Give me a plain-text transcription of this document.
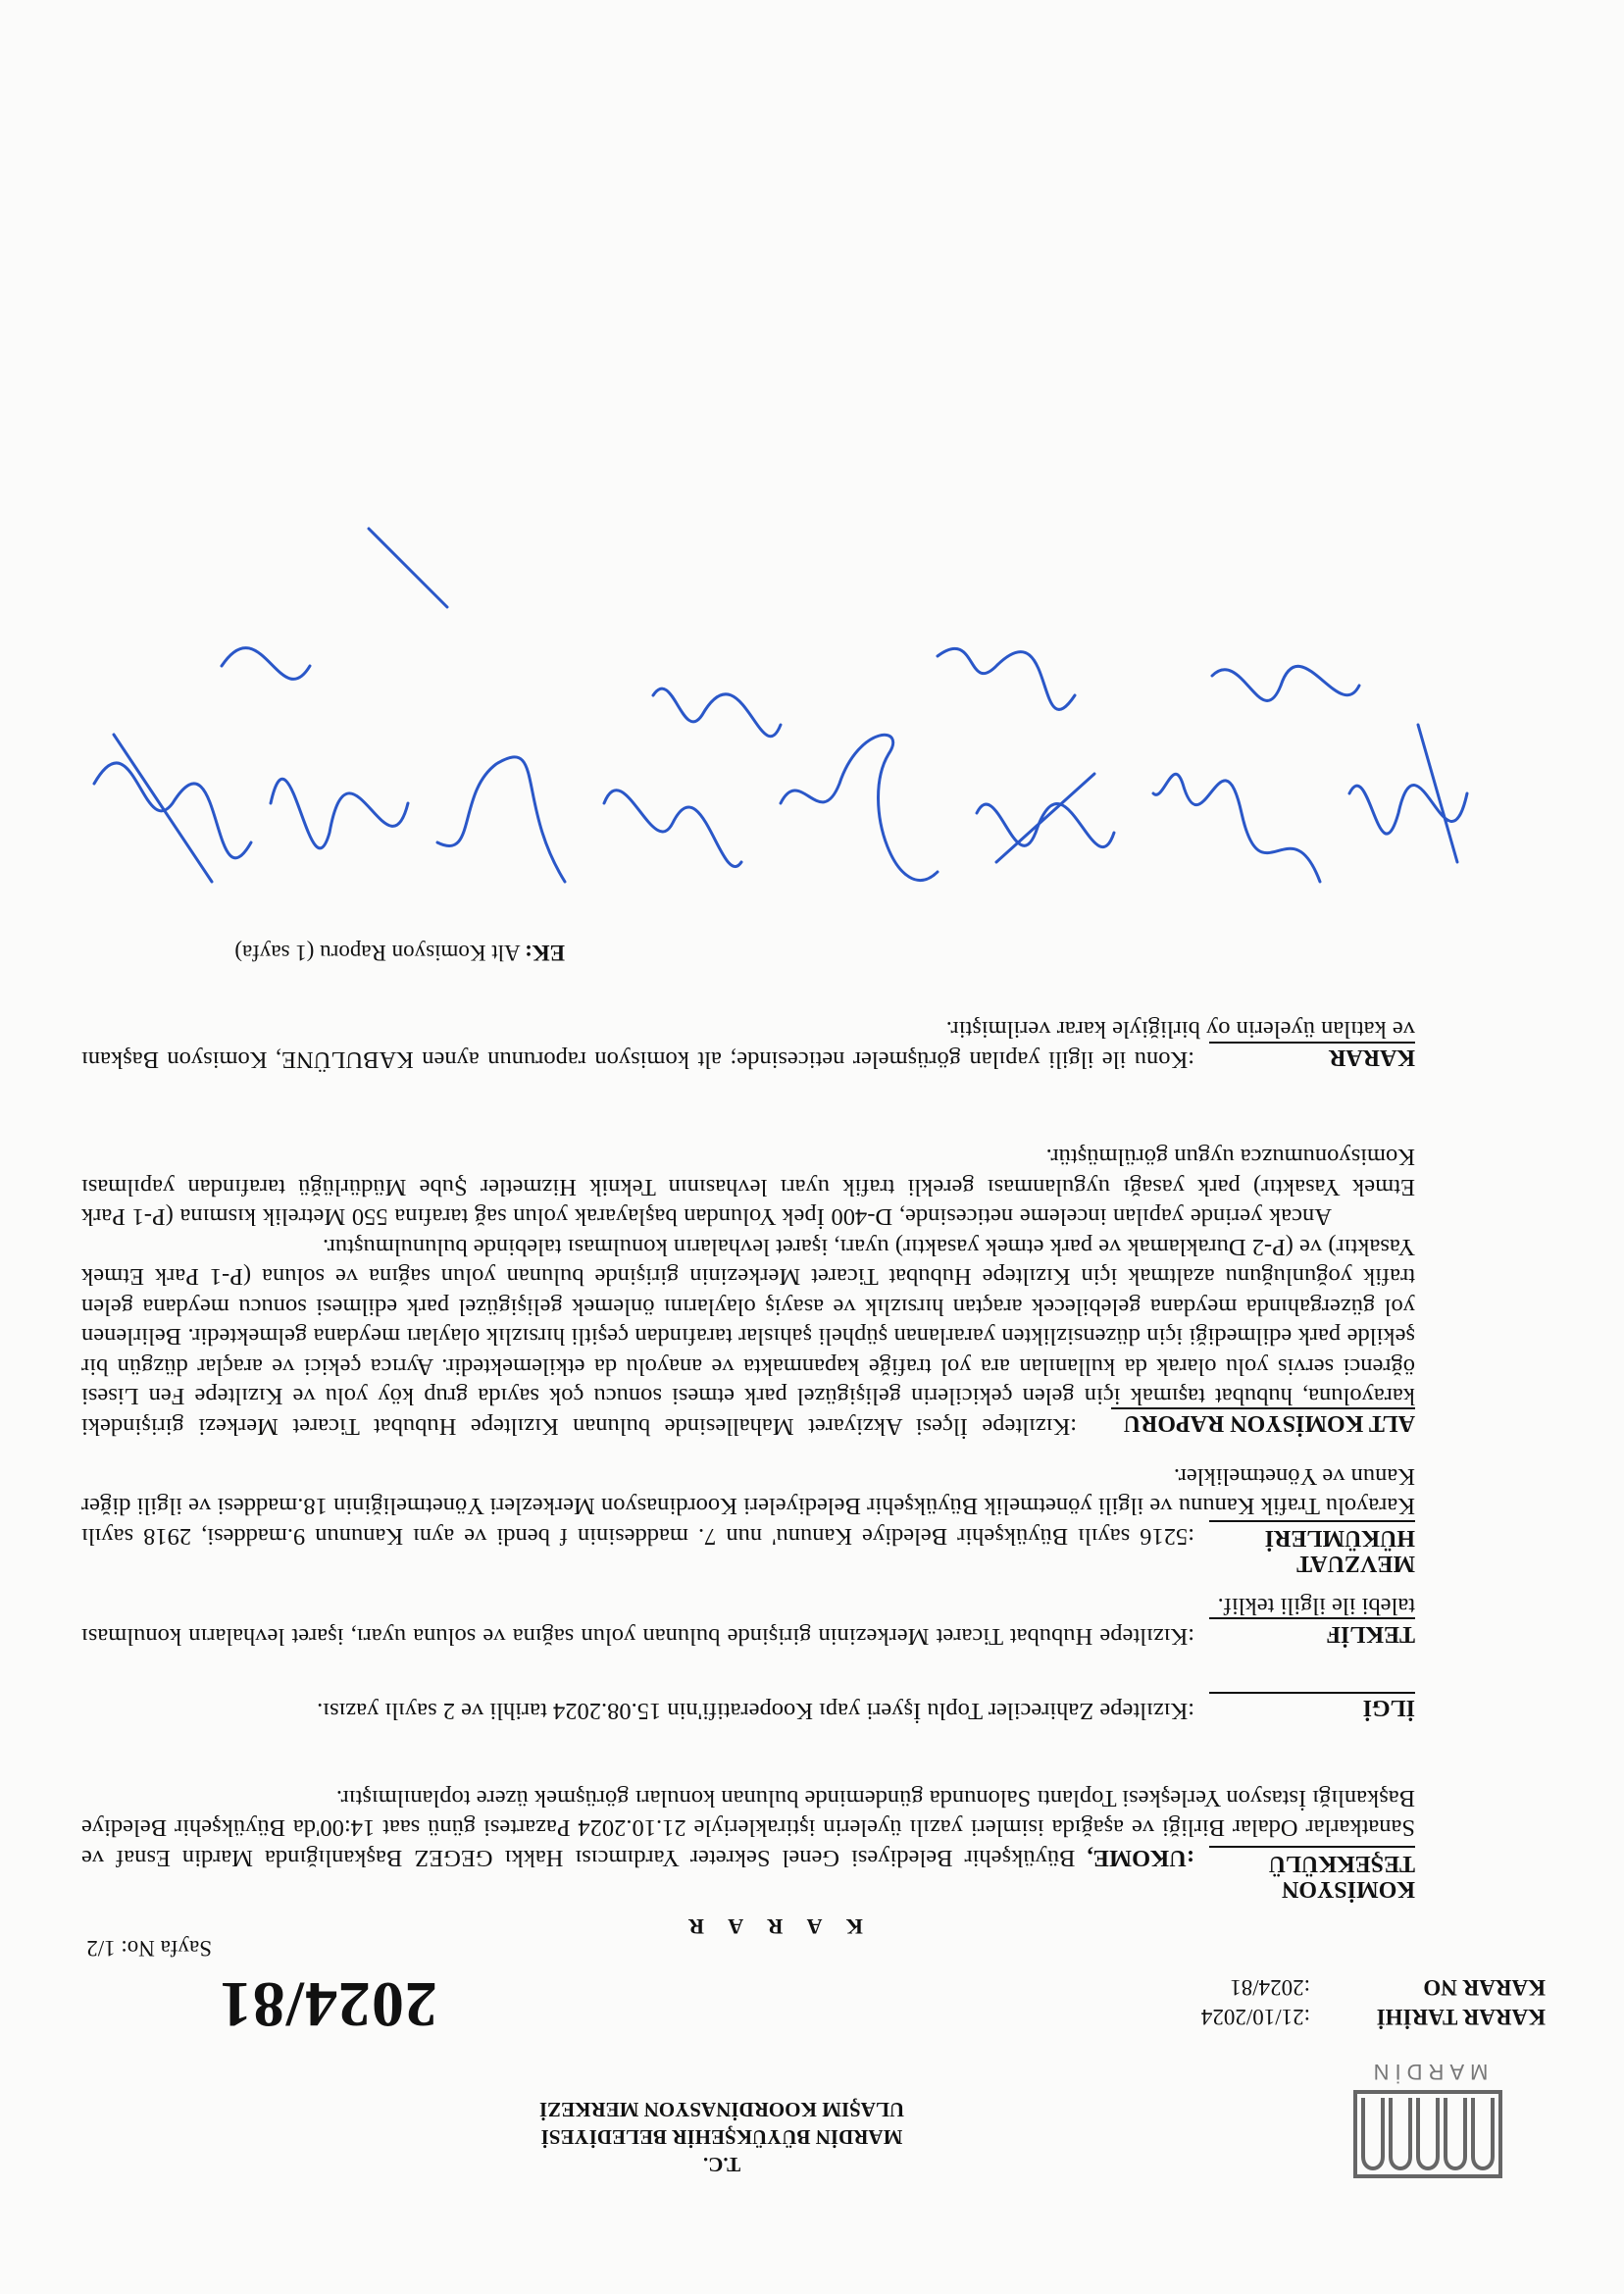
MARDİN
T.C.
MARDİN BÜYÜKŞEHİR BELEDİYESİ
ULAŞIM KOORDİNASYON MERKEZİ
KARAR TARİHİ:21/10/2024
KARAR NO:2024/81
2024/81
Sayfa No: 1/2
K A R A R
KOMİSYON
TEŞEKKÜLÜ

:UKOME, Büyükşehir Belediyesi Genel Sekreter Yardımcısı Hakkı GEGEZ Başkanlığında Mardin Esnaf ve Sanatkarlar Odalar Birliği ve aşağıda isimleri yazılı üyelerin iştirakleriyle 21.10.2024 Pazartesi günü saat 14:00'da Büyükşehir Belediye Başkanlığı İstasyon Yerleşkesi Toplantı Salonunda gündeminde bulunan konuları görüşmek üzere toplanılmıştır.

İLGİ
:Kızıltepe Zahireciler Toplu İşyeri yapı Kooperatifi'nin 15.08.2024 tarihli ve 2 sayılı yazısı.
TEKLİF
:Kızıltepe Hububat Ticaret Merkezinin girişinde bulunan yolun sağına ve soluna uyarı, işaret levhaların konulması talebi ile ilgili teklif.
MEVZUAT
HÜKÜMLERİ
:5216 sayılı Büyükşehir Belediye Kanunu' nun 7. maddesinin f bendi ve aynı Kanunun 9.maddesi, 2918 sayılı Karayolu Trafik Kanunu ve ilgili yönetmelik Büyükşehir Belediyeleri Koordinasyon Merkezleri Yönetmeliğinin 18.maddesi ve ilgili diğer Kanun ve Yönetmelikler.
ALT KOMİSYON RAPORU

:Kızıltepe İlçesi Akziyaret Mahallesinde bulunan Kızıltepe Hububat Ticaret Merkezi girişindeki karayoluna, hububat taşımak için gelen çekicilerin gelişigüzel park etmesi sonucu çok sayıda grup köy yolu ve Kızıltepe Fen Lisesi öğrenci servis yolu olarak da kullanılan ara yol trafiğe kapanmakta ve anayolu da etkilemektedir. Ayrıca çekici ve araçlar düzgün bir şekilde park edilmediği için düzensizlikten yararlanan şüpheli şahıslar tarafından çeşitli hırsızlık olayları meydana gelmektedir. Belirlenen yol güzergahında meydana gelebilecek araçtan hırsızlık ve asayiş olaylarını önlemek gelişigüzel park edilmesi sonucu meydana gelen trafik yoğunluğunu azaltmak için Kızıltepe Hububat Ticaret Merkezinin girişinde bulunan yolun sağına ve soluna (P-1 Park Etmek Yasaktır) ve (P-2 Duraklamak ve park etmek yasaktır) uyarı, işaret levhaların konulması talebinde bulunulmuştur.

Ancak yerinde yapılan inceleme neticesinde, D-400 İpek Yolundan başlayarak yolun sağ tarafına 550 Metrelik kısmına (P-1 Park Etmek Yasaktır) park yasağı uygulanması gerekli trafik uyarı levhasının Teknik Hizmetler Şube Müdürlüğü tarafından yapılması Komisyonumuzca uygun görülmüştür.

KARAR
:Konu ile ilgili yapılan görüşmeler neticesinde; alt komisyon raporunun aynen KABULÜNE, Komisyon Başkanı ve katılan üyelerin oy birliğiyle karar verilmiştir.
EK: Alt Komisyon Raporu (1 sayfa)
